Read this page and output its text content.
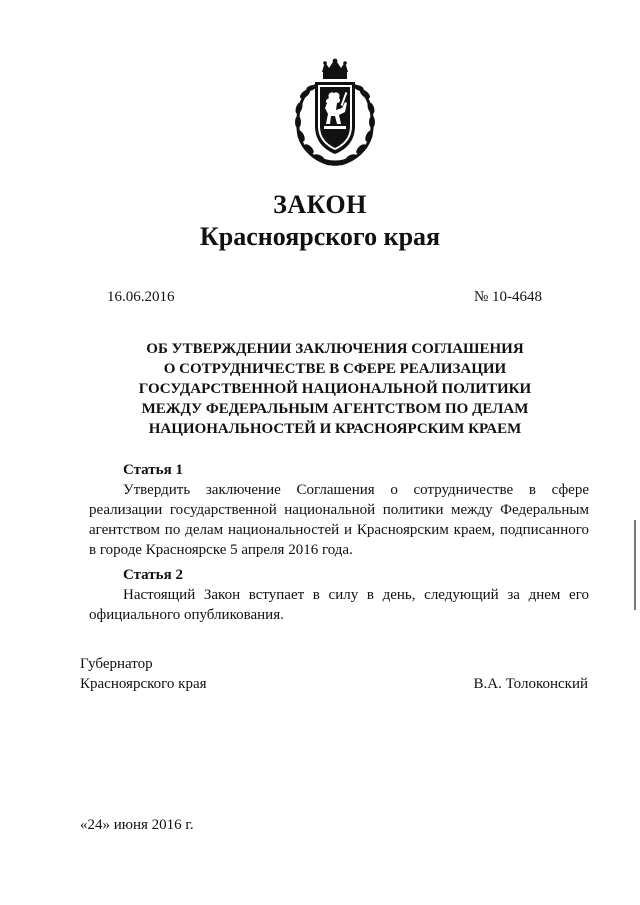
ЗАКОН
Красноярского края
16.06.2016	№ 10-4648
ОБ УТВЕРЖДЕНИИ ЗАКЛЮЧЕНИЯ СОГЛАШЕНИЯ
О СОТРУДНИЧЕСТВЕ В СФЕРЕ РЕАЛИЗАЦИИ
ГОСУДАРСТВЕННОЙ НАЦИОНАЛЬНОЙ ПОЛИТИКИ
МЕЖДУ ФЕДЕРАЛЬНЫМ АГЕНТСТВОМ ПО ДЕЛАМ
НАЦИОНАЛЬНОСТЕЙ И КРАСНОЯРСКИМ КРАЕМ
Статья 1
Утвердить заключение Соглашения о сотрудничестве в сфере реализации государственной национальной политики между Федеральным агентством по делам национальностей и Красноярским краем, подписанного в городе Красноярске 5 апреля 2016 года.
Статья 2
Настоящий Закон вступает в силу в день, следующий за днем его официального опубликования.
Губернатор
Красноярского края	В.А. Толоконский
«24» июня 2016 г.
